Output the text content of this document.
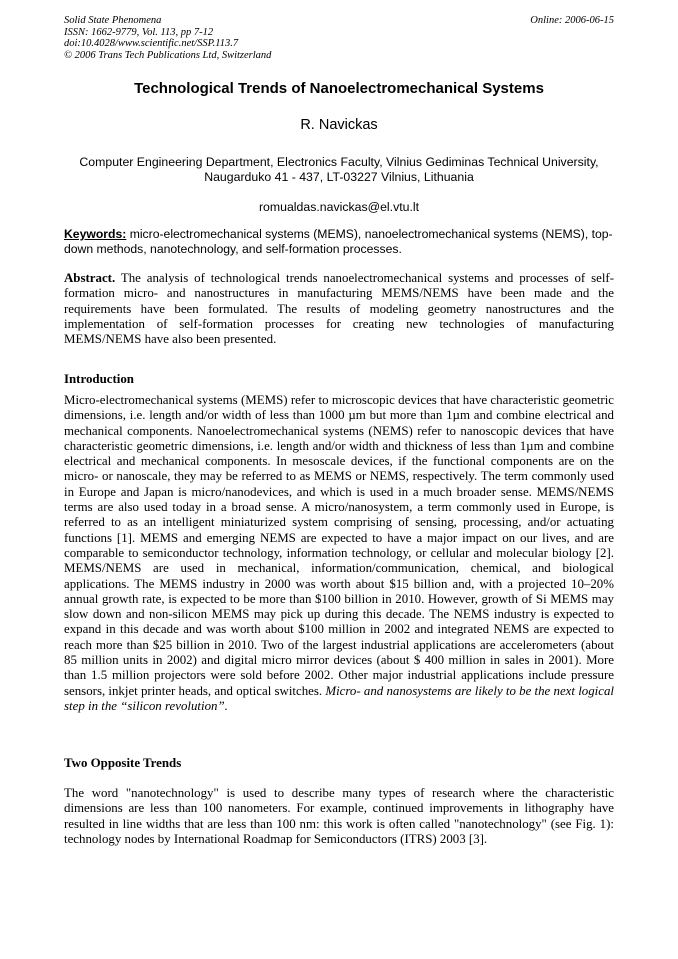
Solid State Phenomena
ISSN: 1662-9779, Vol. 113, pp 7-12
doi:10.4028/www.scientific.net/SSP.113.7
© 2006 Trans Tech Publications Ltd, Switzerland
Online: 2006-06-15
Technological Trends of Nanoelectromechanical Systems
R. Navickas
Computer Engineering Department, Electronics Faculty, Vilnius Gediminas Technical University,
Naugarduko 41 - 437, LT-03227 Vilnius, Lithuania
romualdas.navickas@el.vtu.lt
Keywords: micro-electromechanical systems (MEMS), nanoelectromechanical systems (NEMS), top-down methods, nanotechnology, and self-formation processes.
Abstract. The analysis of technological trends nanoelectromechanical systems and processes of self-formation micro- and nanostructures in manufacturing MEMS/NEMS have been made and the requirements have been formulated. The results of modeling geometry nanostructures and the implementation of self-formation processes for creating new technologies of manufacturing MEMS/NEMS have also been presented.
Introduction
Micro-electromechanical systems (MEMS) refer to microscopic devices that have characteristic geometric dimensions, i.e. length and/or width of less than 1000 µm but more than 1µm and combine electrical and mechanical components. Nanoelectromechanical systems (NEMS) refer to nanoscopic devices that have characteristic geometric dimensions, i.e. length and/or width and thickness of less than 1µm and combine electrical and mechanical components. In mesoscale devices, if the functional components are on the micro- or nanoscale, they may be referred to as MEMS or NEMS, respectively. The term commonly used in Europe and Japan is micro/nanodevices, and which is used in a much broader sense. MEMS/NEMS terms are also used today in a broad sense. A micro/nanosystem, a term commonly used in Europe, is referred to as an intelligent miniaturized system comprising of sensing, processing, and/or actuating functions [1]. MEMS and emerging NEMS are expected to have a major impact on our lives, and are comparable to semiconductor technology, information technology, or cellular and molecular biology [2]. MEMS/NEMS are used in mechanical, information/communication, chemical, and biological applications. The MEMS industry in 2000 was worth about $15 billion and, with a projected 10–20% annual growth rate, is expected to be more than $100 billion in 2010. However, growth of Si MEMS may slow down and non-silicon MEMS may pick up during this decade. The NEMS industry is expected to expand in this decade and was worth about $100 million in 2002 and integrated NEMS are expected to reach more than $25 billion in 2010. Two of the largest industrial applications are accelerometers (about 85 million units in 2002) and digital micro mirror devices (about $ 400 million in sales in 2001). More than 1.5 million projectors were sold before 2002. Other major industrial applications include pressure sensors, inkjet printer heads, and optical switches. Micro- and nanosystems are likely to be the next logical step in the “silicon revolution”.
Two Opposite Trends
The word "nanotechnology" is used to describe many types of research where the characteristic dimensions are less than 100 nanometers. For example, continued improvements in lithography have resulted in line widths that are less than 100 nm: this work is often called "nanotechnology" (see Fig. 1): technology nodes by International Roadmap for Semiconductors (ITRS) 2003 [3].
